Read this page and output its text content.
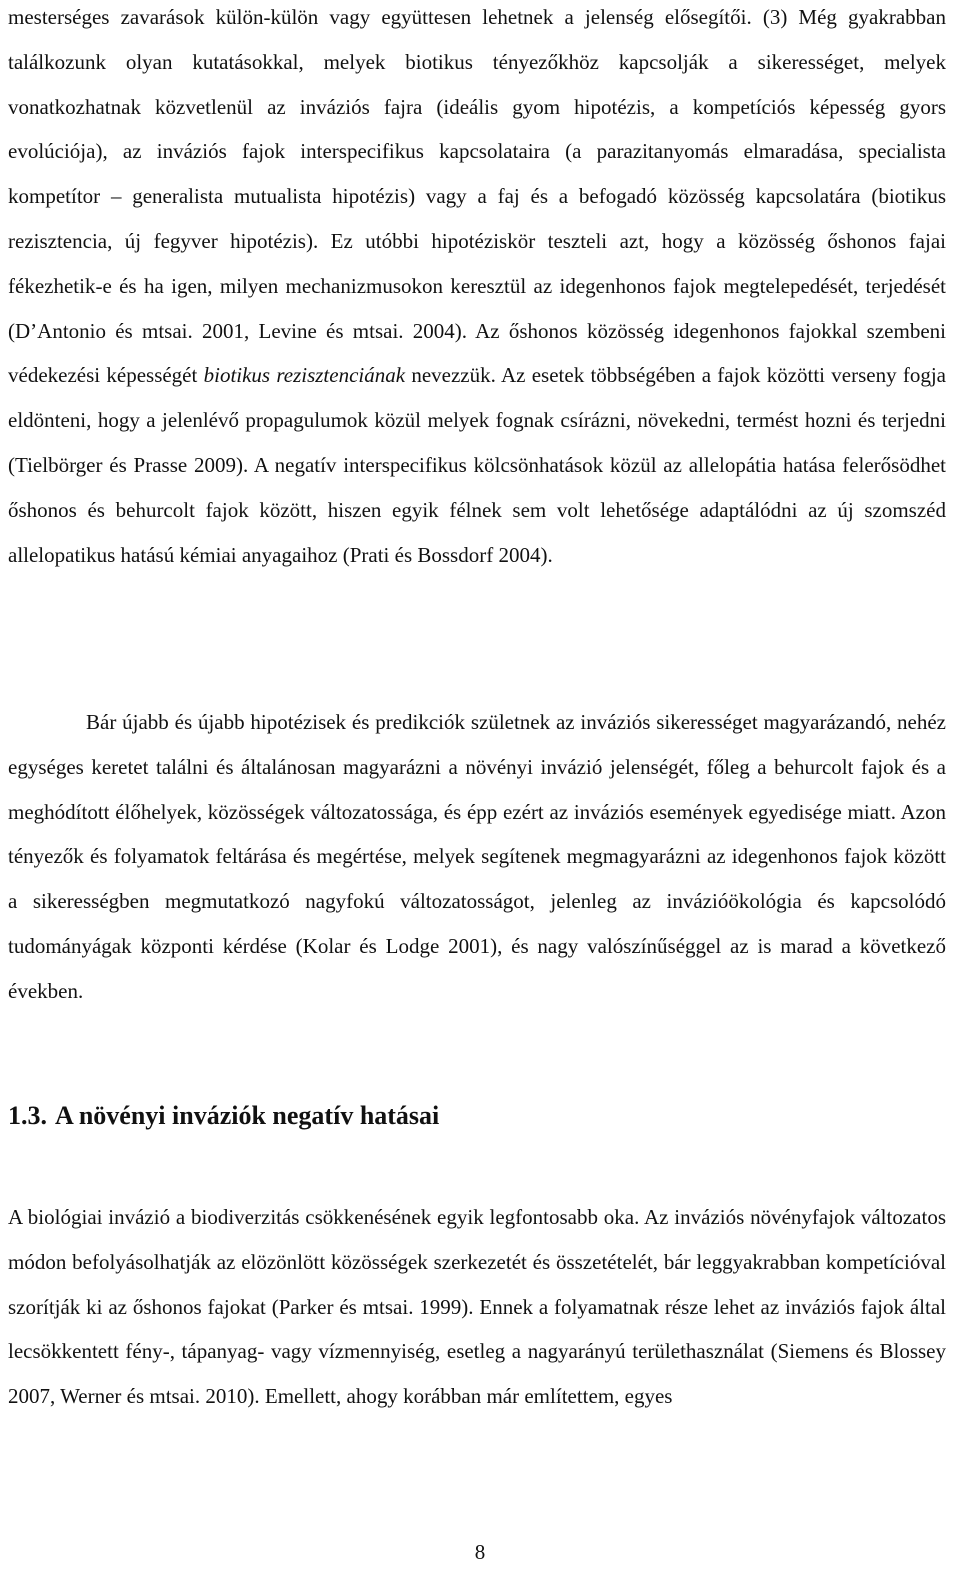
mesterséges zavarások külön-külön vagy együttesen lehetnek a jelenség elősegítői. (3) Még gyakrabban találkozunk olyan kutatásokkal, melyek biotikus tényezőkhöz kapcsolják a sikerességet, melyek vonatkozhatnak közvetlenül az inváziós fajra (ideális gyom hipotézis, a kompetíciós képesség gyors evolúciója), az inváziós fajok interspecifikus kapcsolataira (a parazitanyomás elmaradása, specialista kompetítor – generalista mutualista hipotézis) vagy a faj és a befogadó közösség kapcsolatára (biotikus rezisztencia, új fegyver hipotézis). Ez utóbbi hipotéziskör teszteli azt, hogy a közösség őshonos fajai fékezhetik-e és ha igen, milyen mechanizmusokon keresztül az idegenhonos fajok megtelepedését, terjedését (D’Antonio és mtsai. 2001, Levine és mtsai. 2004). Az őshonos közösség idegenhonos fajokkal szembeni védekezési képességét biotikus rezisztenciának nevezzük. Az esetek többségében a fajok közötti verseny fogja eldönteni, hogy a jelenlévő propagulumok közül melyek fognak csírázni, növekedni, termést hozni és terjedni (Tielbörger és Prasse 2009). A negatív interspecifikus kölcsönhatások közül az allelopátia hatása felerősödhet őshonos és behurcolt fajok között, hiszen egyik félnek sem volt lehetősége adaptálódni az új szomszéd allelopatikus hatású kémiai anyagaihoz (Prati és Bossdorf 2004).

Bár újabb és újabb hipotézisek és predikciók születnek az inváziós sikerességet magyarázandó, nehéz egységes keretet találni és általánosan magyarázni a növényi invázió jelenségét, főleg a behurcolt fajok és a meghódított élőhelyek, közösségek változatossága, és épp ezért az inváziós események egyedisége miatt. Azon tényezők és folyamatok feltárása és megértése, melyek segítenek megmagyarázni az idegenhonos fajok között a sikerességben megmutatkozó nagyfokú változatosságot, jelenleg az invázióökológia és kapcsolódó tudományágak központi kérdése (Kolar és Lodge 2001), és nagy valószínűséggel az is marad a következő években.

1.3. A növényi inváziók negatív hatásai

A biológiai invázió a biodiverzitás csökkenésének egyik legfontosabb oka. Az inváziós növényfajok változatos módon befolyásolhatják az elözönlött közösségek szerkezetét és összetételét, bár leggyakrabban kompetícióval szorítják ki az őshonos fajokat (Parker és mtsai. 1999). Ennek a folyamatnak része lehet az inváziós fajok által lecsökkentett fény-, tápanyag- vagy vízmennyiség, esetleg a nagyarányú területhasználat (Siemens és Blossey 2007, Werner és mtsai. 2010). Emellett, ahogy korábban már említettem, egyes

8
